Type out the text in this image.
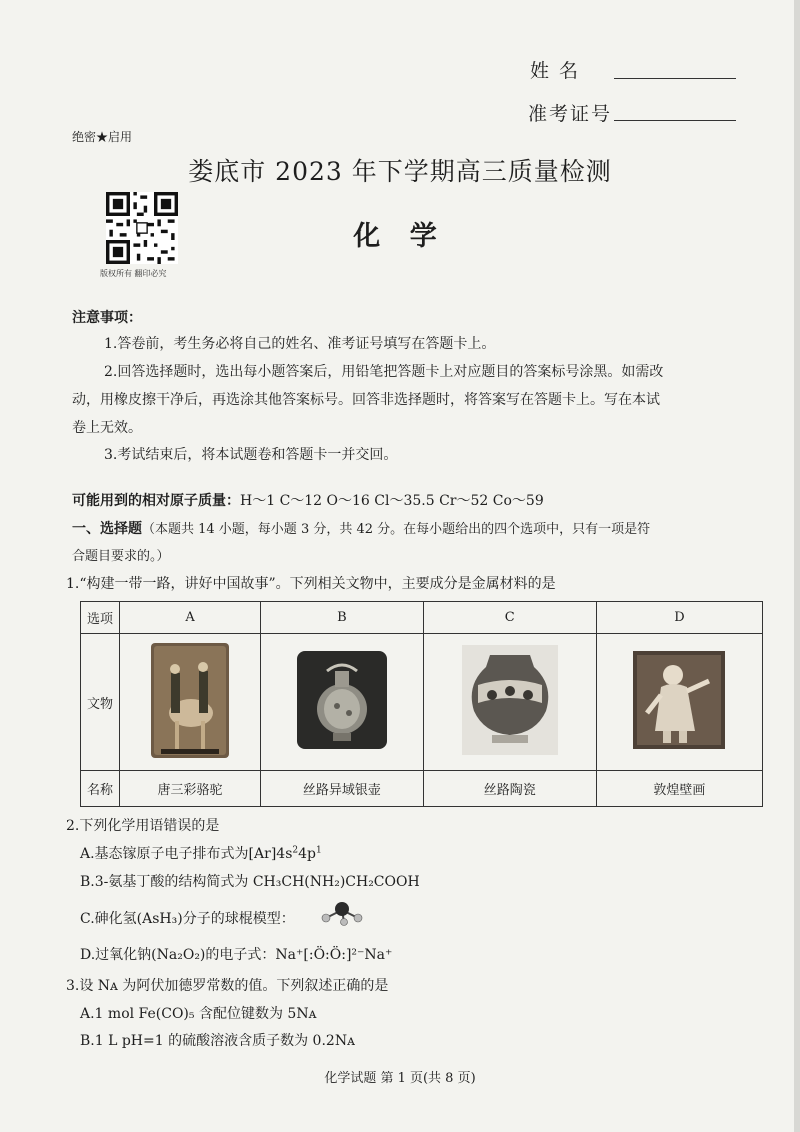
姓 名
准考证号
绝密★启用
娄底市 2023 年下学期高三质量检测
化 学
版权所有 翻印必究
注意事项：
1.答卷前，考生务必将自己的姓名、准考证号填写在答题卡上。
2.回答选择题时，选出每小题答案后，用铅笔把答题卡上对应题目的答案标号涂黑。如需改
动，用橡皮擦干净后，再选涂其他答案标号。回答非选择题时，将答案写在答题卡上。写在本试
卷上无效。
3.考试结束后，将本试题卷和答题卡一并交回。
可能用到的相对原子质量：H～1 C～12 O～16 Cl～35.5 Cr～52 Co～59
一、选择题（本题共 14 小题，每小题 3 分，共 42 分。在每小题给出的四个选项中，只有一项是符
合题目要求的。）
1.“构建一带一路，讲好中国故事”。下列相关文物中，主要成分是金属材料的是
选项	A	B	C	D
文物				
名称	唐三彩骆驼	丝路异域银壶	丝路陶瓷	敦煌壁画
2.下列化学用语错误的是
A.基态镓原子电子排布式为$[Ar]4s^24p^1$
B.3-氨基丁酸的结构简式为 CH₃CH(NH₂)CH₂COOH
C.砷化氢(AsH₃)分子的球棍模型：
D.过氧化钠(Na₂O₂)的电子式：Na⁺[:Ö:Ö:]²⁻Na⁺
3.设 Nᴀ 为阿伏加德罗常数的值。下列叙述正确的是
A.1 mol Fe(CO)₅ 含配位键数为 5Nᴀ
B.1 L pH=1 的硫酸溶液含质子数为 0.2Nᴀ
化学试题 第 1 页(共 8 页)
